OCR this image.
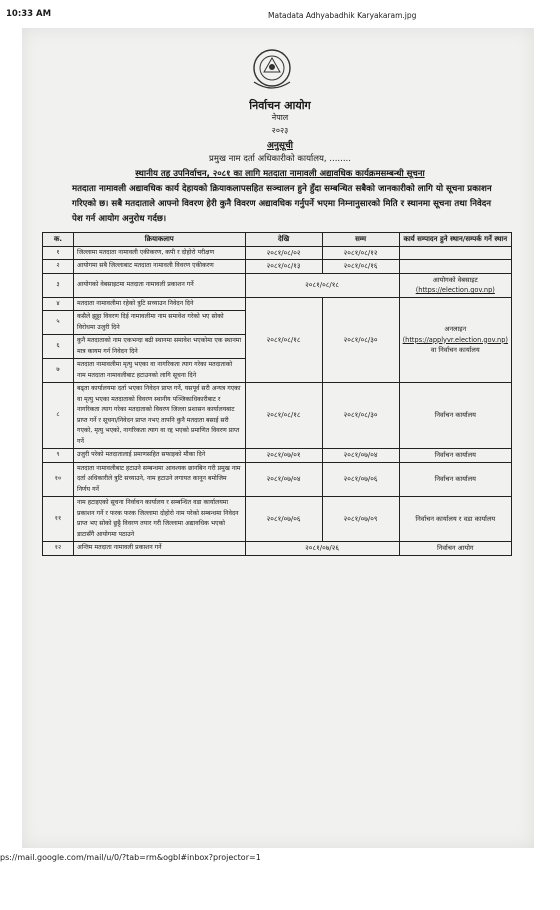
10:33 AM	Matadata Adhyabadhik Karyakaram.jpg
निर्वाचन आयोग
नेपाल
२०२३
अनुसूची
प्रमुख नाम दर्ता अधिकारीको कार्यालय, ........
स्थानीय तह उपनिर्वाचन, २०८१ का लागि मतदाता नामावली अद्यावधिक कार्यक्रमसम्बन्धी सूचना
मतदाता नामावली अद्यावधिक कार्य देहायको क्रियाकलापसहित सञ्चालन हुने हुँदा सम्बन्धित सबैको जानकारीको लागि यो सूचना प्रकाशन गरिएको छ। सबै मतदाताले आफ्नो विवरण हेरी कुनै विवरण अद्यावधिक गर्नुपर्ने भएमा निम्नानुसारको मिति र स्थानमा सूचना तथा निवेदन पेश गर्न आयोग अनुरोध गर्दछ।
क.	क्रियाकलाप	देखि	सम्म	कार्य सम्पादन हुने स्थान/सम्पर्क गर्ने स्थान
१	जिल्लामा मतदाता नामावली एकीकरण, कपी र दोहोरो परीक्षण	२०८१/०८/०२	२०८१/०८/१२	
२	आयोगमा सबै जिल्लाबाट मतदाता नामावली विवरण एकीकरण	२०८१/०८/१३	२०८१/०८/१६	
३	आयोगको वेबसाइटमा मतदाता नामावली प्रकाशन गर्ने	२०८१/०८/१८		आयोगको वेबसाइट
(https://election.gov.np)

४	मतदाता नामावलीमा रहेको त्रुटि सच्याउन निवेदन दिने	२०८१/०८/१८	२०८१/०८/३०	अनलाइन
(https://applyvr.election.gov.np)
वा निर्वाचन कार्यालय

५	कसैले झुट्टा विवरण दिई नामावलीमा नाम समावेश गरेको भए सोको विरोधमा उजुरी दिने			
६	कुनै मतदाताको नाम एकभन्दा बढी स्थानमा समावेश भएकोमा एक स्थानमा मात्र कायम गर्न निवेदन दिने			
७	मतदाता नामावलीमा मृत्यु भएका वा नागरिकता त्याग गरेका मतदाताको नाम मतदाता नामावलीबाट हटाउनको लागि सूचना दिने			
८	बढ्ता कार्यालयमा दर्ता भएका निवेदन प्राप्त गर्ने, यसपूर्व सरी अन्यत्र गएका वा मृत्यु भएका मतदाताको विवरण स्थानीय पञ्जिकाधिकारीबाट र नागरिकता त्याग गरेका मतदाताको विवरण जिल्ला प्रशासन कार्यालयबाट प्राप्त गर्ने र सूचना/निवेदन प्राप्त नभए तापनि कुनै मतदाता बसाई सरी गएको, मृत्यु भएको, नागरिकता त्याग वा रद्द भएको प्रमाणित विवरण प्राप्त गर्ने	२०८१/०८/१८	२०८१/०८/३०	निर्वाचन कार्यालय
९	उजुरी परेको मतदातालाई प्रमाणसहित सफाइको मौका दिने	२०८१/०७/०१	२०८१/०७/०४	निर्वाचन कार्यालय
१०	मतदाता नामावलीबाट हटाउने सम्बन्धमा आवश्यक छानबिन गरी प्रमुख नाम दर्ता अधिकारीले त्रुटि सच्याउने, नाम हटाउने लगायत कानून बमोजिम निर्णय गर्ने	२०८१/०७/०४	२०८१/०७/०६	निर्वाचन कार्यालय
११	नाम हटाइएको सूचना निर्वाचन कार्यालय र सम्बन्धित वडा कार्यालयमा प्रकाशन गर्ने र फरक फरक जिल्लामा दोहोरो नाम परेको सम्बन्धमा निवेदन प्राप्त भए सोको छुट्टै विवरण तयार गरी जिल्लामा अद्यावधिक भएको डाटासँगै आयोगमा पठाउने	२०८१/०७/०६	२०८१/०७/०९	निर्वाचन कार्यालय र वडा कार्यालय
१२	अन्तिम मतदाता नामावली प्रकाशन गर्ने	२०८१/०७/२६		निर्वाचन आयोग
ps://mail.google.com/mail/u/0/?tab=rm&ogbl#inbox?projector=1
